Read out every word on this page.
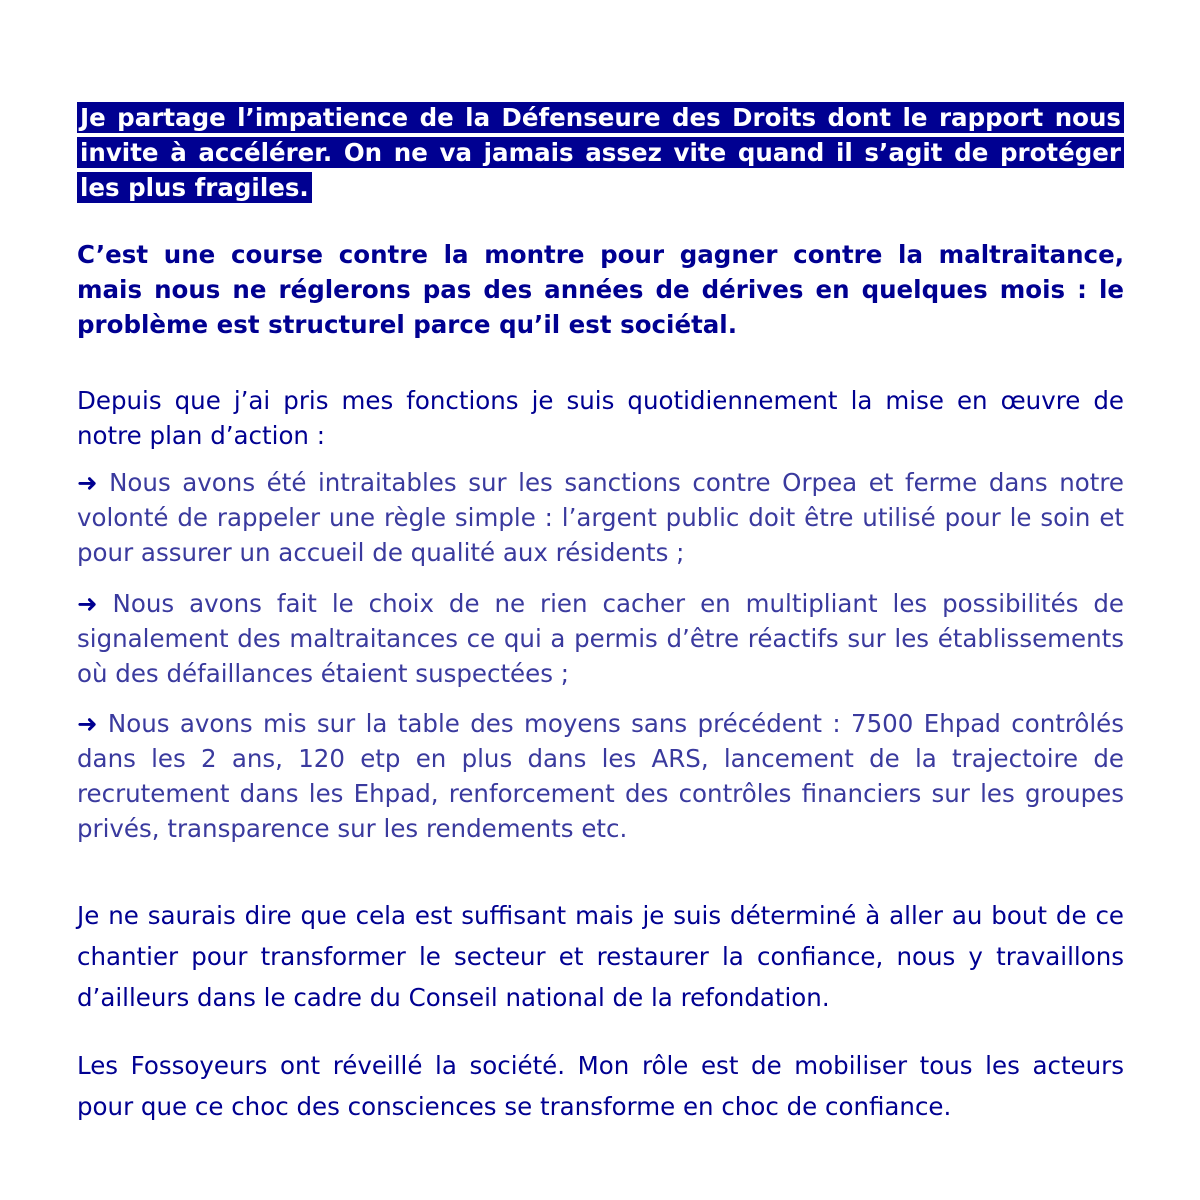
Je partage l’impatience de la Défenseure des Droits dont le rapport nous invite à accélérer. On ne va jamais assez vite quand il s’agit de protéger les plus fragiles.

C’est une course contre la montre pour gagner contre la maltraitance, mais nous ne réglerons pas des années de dérives en quelques mois : le problème est structurel parce qu’il est sociétal.

Depuis que j’ai pris mes fonctions je suis quotidiennement la mise en œuvre de notre plan d’action :

➜ Nous avons été intraitables sur les sanctions contre Orpea et ferme dans notre volonté de rappeler une règle simple : l’argent public doit être utilisé pour le soin et pour assurer un accueil de qualité aux résidents ;

➜ Nous avons fait le choix de ne rien cacher en multipliant les possibilités de signalement des maltraitances ce qui a permis d’être réactifs sur les établissements où des défaillances étaient suspectées ;

➜ Nous avons mis sur la table des moyens sans précédent : 7500 Ehpad contrôlés dans les 2 ans, 120 etp en plus dans les ARS, lancement de la trajectoire de recrutement dans les Ehpad, renforcement des contrôles financiers sur les groupes privés, transparence sur les rendements etc.

Je ne saurais dire que cela est suffisant mais je suis déterminé à aller au bout de ce chantier pour transformer le secteur et restaurer la confiance, nous y travaillons d’ailleurs dans le cadre du Conseil national de la refondation.

Les Fossoyeurs ont réveillé la société. Mon rôle est de mobiliser tous les acteurs pour que ce choc des consciences se transforme en choc de confiance.
